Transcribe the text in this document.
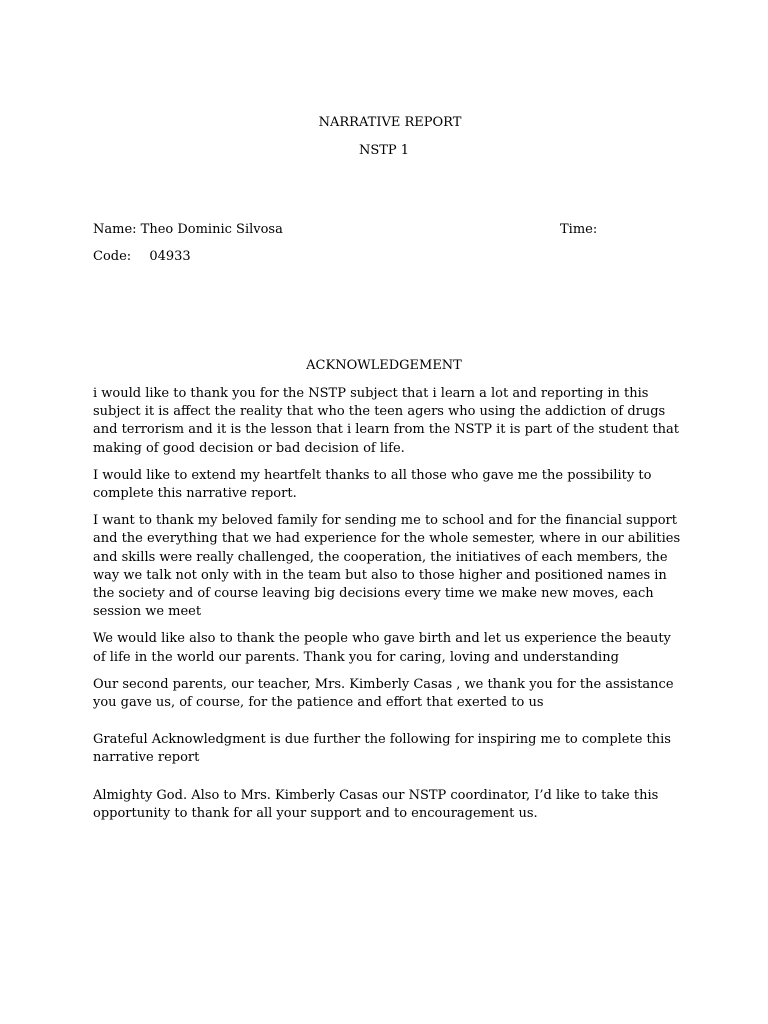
NARRATIVE REPORT
NSTP 1
Name: Theo Dominic Silvosa	Time:
Code: 04933
ACKNOWLEDGEMENT

i would like to thank you for the NSTP subject that i learn a lot and reporting in this subject it is affect the reality that who the teen agers who using the addiction of drugs and terrorism and it is the lesson that i learn from the NSTP it is part of the student that making of good decision or bad decision of life.

I would like to extend my heartfelt thanks to all those who gave me the possibility to complete this narrative report.

I want to thank my beloved family for sending me to school and for the financial support and the everything that we had experience for the whole semester, where in our abilities and skills were really challenged, the cooperation, the initiatives of each members, the way we talk not only with in the team but also to those higher and positioned names in the society and of course leaving big decisions every time we make new moves, each session we meet

We would like also to thank the people who gave birth and let us experience the beauty of life in the world our parents. Thank you for caring, loving and understanding

Our second parents, our teacher, Mrs. Kimberly Casas , we thank you for the assistance you gave us, of course, for the patience and effort that exerted to us

Grateful Acknowledgment is due further the following for inspiring me to complete this narrative report

Almighty God. Also to Mrs. Kimberly Casas our NSTP coordinator, I’d like to take this opportunity to thank for all your support and to encouragement us.
